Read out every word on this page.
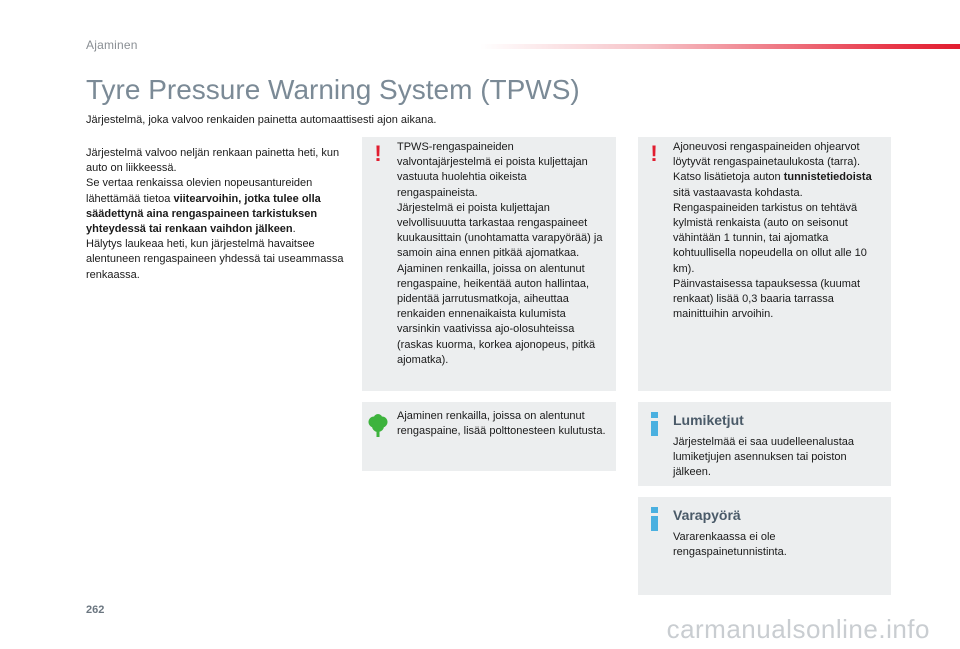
Ajaminen
Tyre Pressure Warning System (TPWS)

Järjestelmä, joka valvoo renkaiden painetta automaattisesti ajon aikana.

Järjestelmä valvoo neljän renkaan painetta heti, kun auto on liikkeessä.

Se vertaa renkaissa olevien nopeusantureiden lähettämää tietoa viitearvoihin, jotka tulee olla säädettynä aina rengaspaineen tarkistuksen yhteydessä tai renkaan vaihdon jälkeen.

Hälytys laukeaa heti, kun järjestelmä havaitsee alentuneen rengaspaineen yhdessä tai useammassa renkaassa.

! TPWS-rengaspaineiden valvontajärjestelmä ei poista kuljettajan vastuuta huolehtia oikeista rengaspaineista.

Järjestelmä ei poista kuljettajan velvollisuuutta tarkastaa rengaspaineet kuukausittain (unohtamatta varapyörää) ja samoin aina ennen pitkää ajomatkaa.

Ajaminen renkailla, joissa on alentunut rengaspaine, heikentää auton hallintaa, pidentää jarrutusmatkoja, aiheuttaa renkaiden ennenaikaista kulumista varsinkin vaativissa ajo-olosuhteissa (raskas kuorma, korkea ajonopeus, pitkä ajomatka).

! Ajoneuvosi rengaspaineiden ohjearvot löytyvät rengaspainetaulukosta (tarra). Katso lisätietoja auton tunnistetiedoista sitä vastaavasta kohdasta.

Rengaspaineiden tarkistus on tehtävä kylmistä renkaista (auto on seisonut vähintään 1 tunnin, tai ajomatka kohtuullisella nopeudella on ollut alle 10 km).

Päinvastaisessa tapauksessa (kuumat renkaat) lisää 0,3 baaria tarrassa mainittuihin arvoihin.

Ajaminen renkailla, joissa on alentunut rengaspaine, lisää polttonesteen kulutusta.

Lumiketjut

Järjestelmää ei saa uudelleenalustaa lumiketjujen asennuksen tai poiston jälkeen.

Varapyörä

Vararenkaassa ei ole rengaspainetunnistinta.

262
carmanualsonline.info
